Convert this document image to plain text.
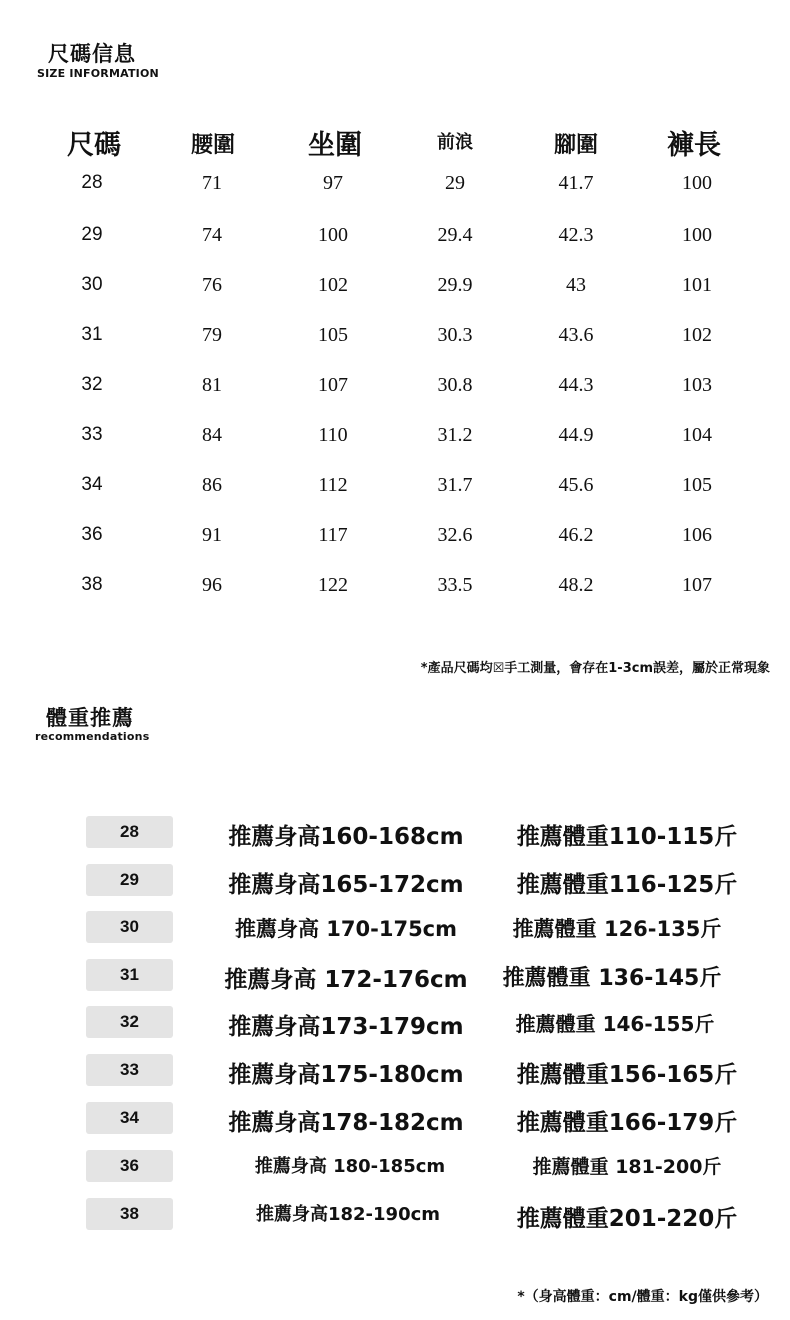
尺碼信息
SIZE INFORMATION
尺碼	腰圍	坐圍	前浪	腳圍	褲長
28	71	97	29	41.7	100
29	74	100	29.4	42.3	100
30	76	102	29.9	43	101
31	79	105	30.3	43.6	102
32	81	107	30.8	44.3	103
33	84	110	31.2	44.9	104
34	86	112	31.7	45.6	105
36	91	117	32.6	46.2	106
38	96	122	33.5	48.2	107
*產品尺碼均☒手工測量，會存在1-3cm誤差，屬於正常現象
體重推薦
recommendations
28	推薦身高160-168cm 推薦體重110-115斤
29	推薦身高165-172cm 推薦體重116-125斤
30	推薦身高 170-175cm	推薦體重 126-135斤
31	推薦身高 172-176cm 推薦體重 136-145斤
32	推薦身高173-179cm	推薦體重 146-155斤
33	推薦身高175-180cm 推薦體重156-165斤
34	推薦身高178-182cm 推薦體重166-179斤
36	推薦身高 180-185cm	推薦體重 181-200斤
38	推薦身高182-190cm	推薦體重201-220斤
*（身高體重：cm/體重：kg僅供參考）
